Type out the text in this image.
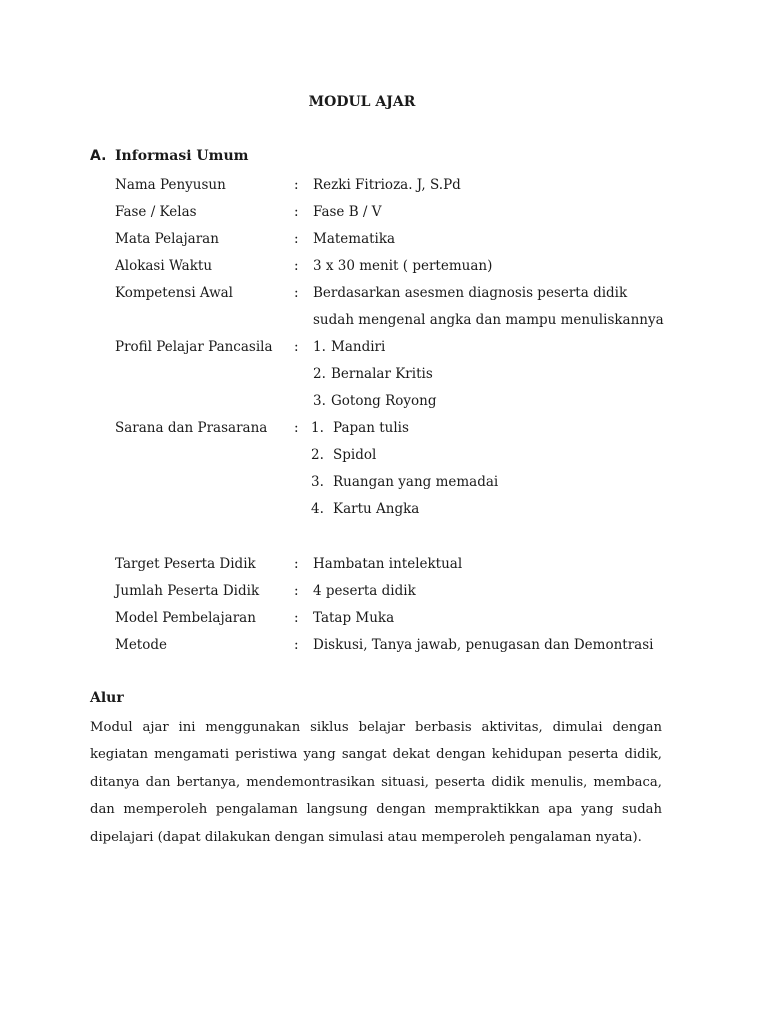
MODUL AJAR
A. Informasi Umum
Nama Penyusun	: Rezki Fitrioza. J, S.Pd
Fase / Kelas	: Fase B / V
Mata Pelajaran	: Matematika
Alokasi Waktu	: 3 x 30 menit ( pertemuan)
Kompetensi Awal	: Berdasarkan asesmen diagnosis peserta didik
sudah mengenal angka dan mampu menuliskannya
Profil Pelajar Pancasila : 1. Mandiri
2. Bernalar Kritis
3. Gotong Royong
Sarana dan Prasarana : 1. Papan tulis
2. Spidol
3. Ruangan yang memadai
4. Kartu Angka
Target Peserta Didik	: Hambatan intelektual
Jumlah Peserta Didik	: 4 peserta didik
Model Pembelajaran	: Tatap Muka
Metode	: Diskusi, Tanya jawab, penugasan dan Demontrasi
Alur
Modul ajar ini menggunakan siklus belajar berbasis aktivitas, dimulai dengan kegiatan mengamati peristiwa yang sangat dekat dengan kehidupan peserta didik, ditanya dan bertanya, mendemontrasikan situasi, peserta didik menulis, membaca, dan memperoleh pengalaman langsung dengan mempraktikkan apa yang sudah dipelajari (dapat dilakukan dengan simulasi atau memperoleh pengalaman nyata).
